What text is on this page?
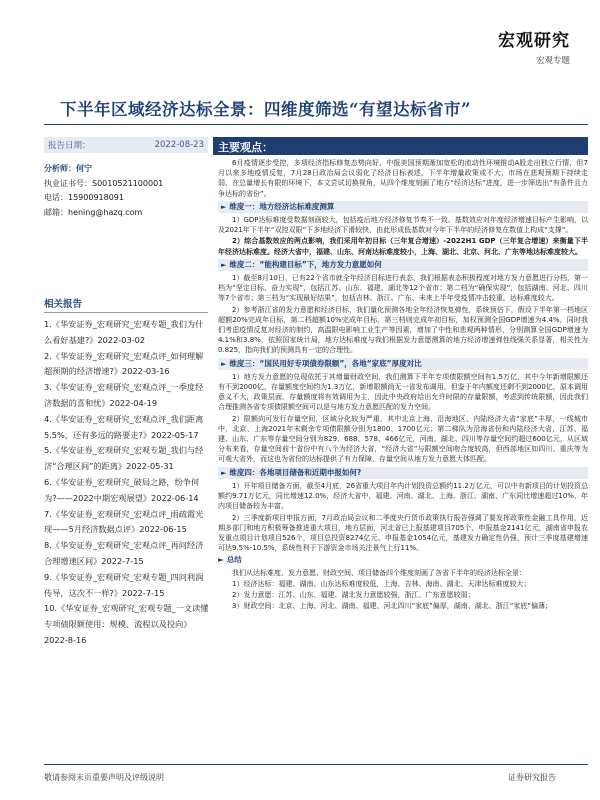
宏观研究
宏观专题
下半年区域经济达标全景：四维度筛选“有望达标省市”
报告日期：	2022-08-23
分析师：何宁
执业证书号：S0010521100001
电话：15900918091
邮箱：hening@hazq.com
相关报告
1.《华安证券_宏观研究_宏观专题_我们为什么看好基建?》2022-03-02
2.《华安证券_宏观研究_宏观点评_如何理解超预期的经济增速?》2022-03-16
3.《华安证券_宏观研究_宏观点评_一季度经济数据的喜和忧》2022-04-19
4.《华安证券_宏观研究_宏观点评_我们距离5.5%，还有多远的路要走?》2022-05-17
5.《华安证券_宏观研究_宏观专题_我们与经济“合理区间”的距离》2022-05-31
6.《华安证券_宏观研究_破局之路，纷争何为?——2022中期宏观展望》2022-06-14
7.《华安证券_宏观研究_宏观点评_雨疏霞光现——5月经济数据点评》2022-06-15
8.《华安证券_宏观研究_宏观点评_再问经济合理增速区间》2022-7-15
9.《华安证券_宏观研究_宏观专题_四问利润传导，这次不一样?》2022-7-15
10.《华安证券_宏观研究_宏观专题_一文读懂专项债限额使用：规模、流程以及投向》2022-8-16
主要观点：

6月疫情逐步受控，多项经济指标修复态势向好，中报美国预期渐加宽松的流动性环境推动A股走出独立行情，但7月以来多地疫情反复，7月28日政治局会议弱化了经济目标表述，下半年增量政策或不大，市场在悲观预期下持续走弱，在总量增长有限的环境下，本文尝试切换视角，从四个维度刻画了地方“经济达标”进度，进一步筛选出“有条件且力争达标的省份”。

► 维度一：地方经济达标难度测算

1）GDP达标难度受数据刻画较大，包括疫后地方经济修复节奏不一致、基数效应对年度经济增速目标产生影响，以及2021年下半年“双控双限”下多地经济下滑较快，由此形成低基数对今年下半年的经济修复在数值上构成“支撑”。

2）综合基数效应的两点影响，我们采用年初目标（三年复合增速）-2022H1 GDP（三年复合增速）来衡量下半年经济达标难度。经济大省中，福建、山东、河南达标难度较小，上海、湖北、北京、河北、广东等地达标难度较大。

► 维度二：“能构建目标”下，地方发力意愿如何

1）截至8月10日，已有22个省市就全年经济目标进行表态，我们根据表态积极程度对地方发力意愿进行分档，第一档为“坚定目标、奋力实现”，包括江苏、山东、福建、湖北等12个省市；第二档为“确保实现”，包括湖南、河北、四川等7个省市；第三档为“实现最好结果”，包括吉林、浙江、广东、未来上半年受疫情冲击较重，达标难度较大。

2）参考浙江省的发力意愿和经济目标，我们量化预测各地全年经济恢复弹性，系统预估下，假设下半年第一档地区超额20%完成年目标，第二档超额10%完成年目标，第三档则完成年初目标，加权预测全国GDP增速为4.4%，同时我们考虑疫情反复对经济的制约，高温限电影响工业生产等因素，增加了中性和悲观两种情形，分别测算全国GDP增速为4.1%和3.8%，依照国家统计局，地方达标难度与我们根据发力意愿测算的地方经济增速弹性线强关系显著，相关性为0.825，指向我们的预测具有一定的合理性。

► 维度三：“国民用好专项债券限额”，各地“家底”厚度对比

1）地方发力意愿的兑现依托于其增量财政空间，我们测算下半年专项债限额空间有1.5万亿，其中今年新增限额还有不到2000亿，存量额度空间约为1.3万亿，新增限额尚无一省发布调用，但鉴于年内额度还剩不到2000亿，原本调用意义不大，政策层面，存量额度将有效调用为主，因此中央政府给出允许时限的存量限额，考虑到传统限额，因此我们合理推测各省专项债限额空间可以是与地方发力意愿匹配的发力空间。

2）限额向可发行存量空间，区域分化较为严重，其中北京上海、沿海地区、内陆经济大省“家底”丰厚，一线城市中，北京、上海2021年末剩余专项债限额分别为1800、1700亿元；第二梯队为沿海省份和内陆经济大省，江苏、福建、山东、广东等存量空间分别为829、688、578、466亿元，河南、湖北、四川等存量空间约超过600亿元，从区域分布来看，存量空间前十省份中有八个为经济大省，“经济大省”与限额空间吻合度较高，但西部地区如四川、重庆等为可观大省外，而这也为省份的达标提供了有力保障，存量空间从地方发力意愿大体匹配。

► 维度四：各地项目储备和近期申报如何?

1）开年项目储备方面，截至4月底，26省重大项目年内计划投资总额约11.2万亿元，可以中有新项目的计划投资总额约9.71万亿元，同比增速12.0%，经济大省中，福建、河南、湖北、上海、浙江、湖南、广东同比增速超过10%，年内项目储备较为丰富。

2）三季度新项目申报方面，7月政治局会议和二季度央行货币政策执行报告强调了要发挥政策性金融工具作用，近期多部门和地方积极筹备推进重大项目，地方层面，河北省已上报基建项目705个、申报基金2141亿元，湖南省申报农发重点项目计划项目526个，项目总投资8274亿元、申报基金1054亿元，基建发力确定性仍强，预计三季度基建增速可达9.5%-10.5%，系统性利于下游资金市场关注景气上行11%。

► 总结

我们从达标难度、发力意愿、财政空间、项目储备四个维度刻画了各省下半年的经济达标全景：

1）经济达标：福建、湖南、山东达标难度较低，上海、吉林、海南、湖北、天津达标难度较大；

2）发力意愿：江苏、山东、福建、湖北发力意愿较强，浙江、广东意愿较弱；

3）财政空间：北京、上海、河北、湖南、福建、河北四川“家底”偏厚，湖南、湖北、浙江“家底”偏薄；

敬请参阅末页重要声明及评级说明	证券研究报告
